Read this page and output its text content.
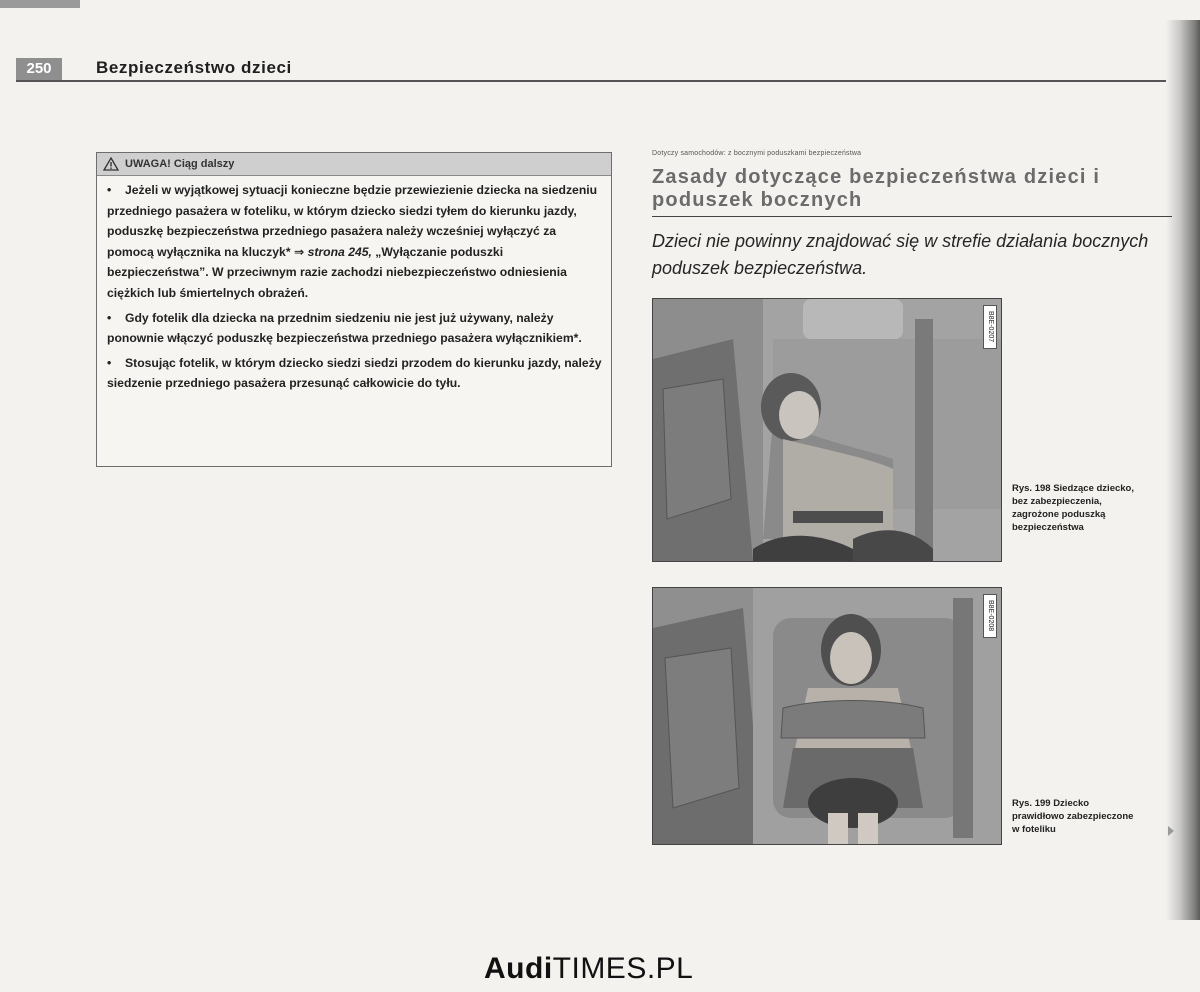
250	Bezpieczeństwo dzieci
UWAGA! Ciąg dalszy
• Jeżeli w wyjątkowej sytuacji konieczne będzie przewiezienie dziecka na siedzeniu przedniego pasażera w foteliku, w którym dziecko siedzi tyłem do kierunku jazdy, poduszkę bezpieczeństwa przedniego pasażera należy wcześniej wyłączyć za pomocą wyłącznika na kluczyk* ⇒ strona 245, „Wyłączanie poduszki bezpieczeństwa”. W przeciwnym razie zachodzi niebezpieczeństwo odniesienia ciężkich lub śmiertelnych obrażeń.
• Gdy fotelik dla dziecka na przednim siedzeniu nie jest już używany, należy ponownie włączyć poduszkę bezpieczeństwa przedniego pasażera wyłącznikiem*.
• Stosując fotelik, w którym dziecko siedzi siedzi przodem do kierunku jazdy, należy siedzenie przedniego pasażera przesunąć całkowicie do tyłu.
Dotyczy samochodów: z bocznymi poduszkami bezpieczeństwa
Zasady dotyczące bezpieczeństwa dzieci i poduszek bocznych
Dzieci nie powinny znajdować się w strefie działania bocznych poduszek bezpieczeństwa.
B8E-0207
Rys. 198 Siedzące dziecko, bez zabezpieczenia, zagrożone poduszką bezpieczeństwa
B8E-0208
Rys. 199 Dziecko prawidłowo zabezpieczone w foteliku
AudiTIMES.PL
